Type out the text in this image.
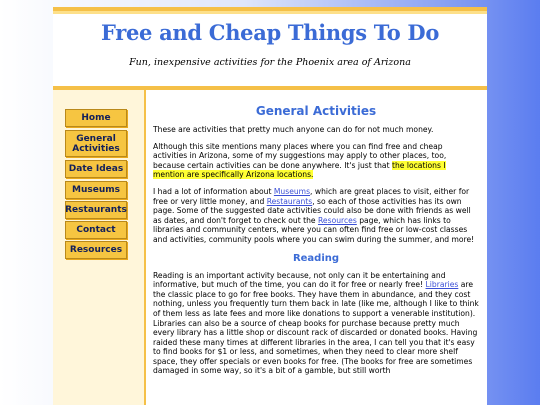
Free and Cheap Things To Do
Fun, inexpensive activities for the Phoenix area of Arizona
Home
General Activities
Date Ideas
Museums
Restaurants
Contact
Resources
General Activities

These are activities that pretty much anyone can do for not much money.

Although this site mentions many places where you can find free and cheap activities in Arizona, some of my suggestions may apply to other places, too, because certain activities can be done anywhere. It's just that the locations I mention are specifically Arizona locations.

I had a lot of information about Museums, which are great places to visit, either for free or very little money, and Restaurants, so each of those activities has its own page. Some of the suggested date activities could also be done with friends as well as dates, and don't forget to check out the Resources page, which has links to libraries and community centers, where you can often find free or low-cost classes and activities, community pools where you can swim during the summer, and more!

Reading

Reading is an important activity because, not only can it be entertaining and informative, but much of the time, you can do it for free or nearly free! Libraries are the classic place to go for free books. They have them in abundance, and they cost nothing, unless you frequently turn them back in late (like me, although I like to think of them less as late fees and more like donations to support a venerable institution). Libraries can also be a source of cheap books for purchase because pretty much every library has a little shop or discount rack of discarded or donated books. Having raided these many times at different libraries in the area, I can tell you that it's easy to find books for $1 or less, and sometimes, when they need to clear more shelf space, they offer specials or even books for free. (The books for free are sometimes damaged in some way, so it's a bit of a gamble, but still worth
